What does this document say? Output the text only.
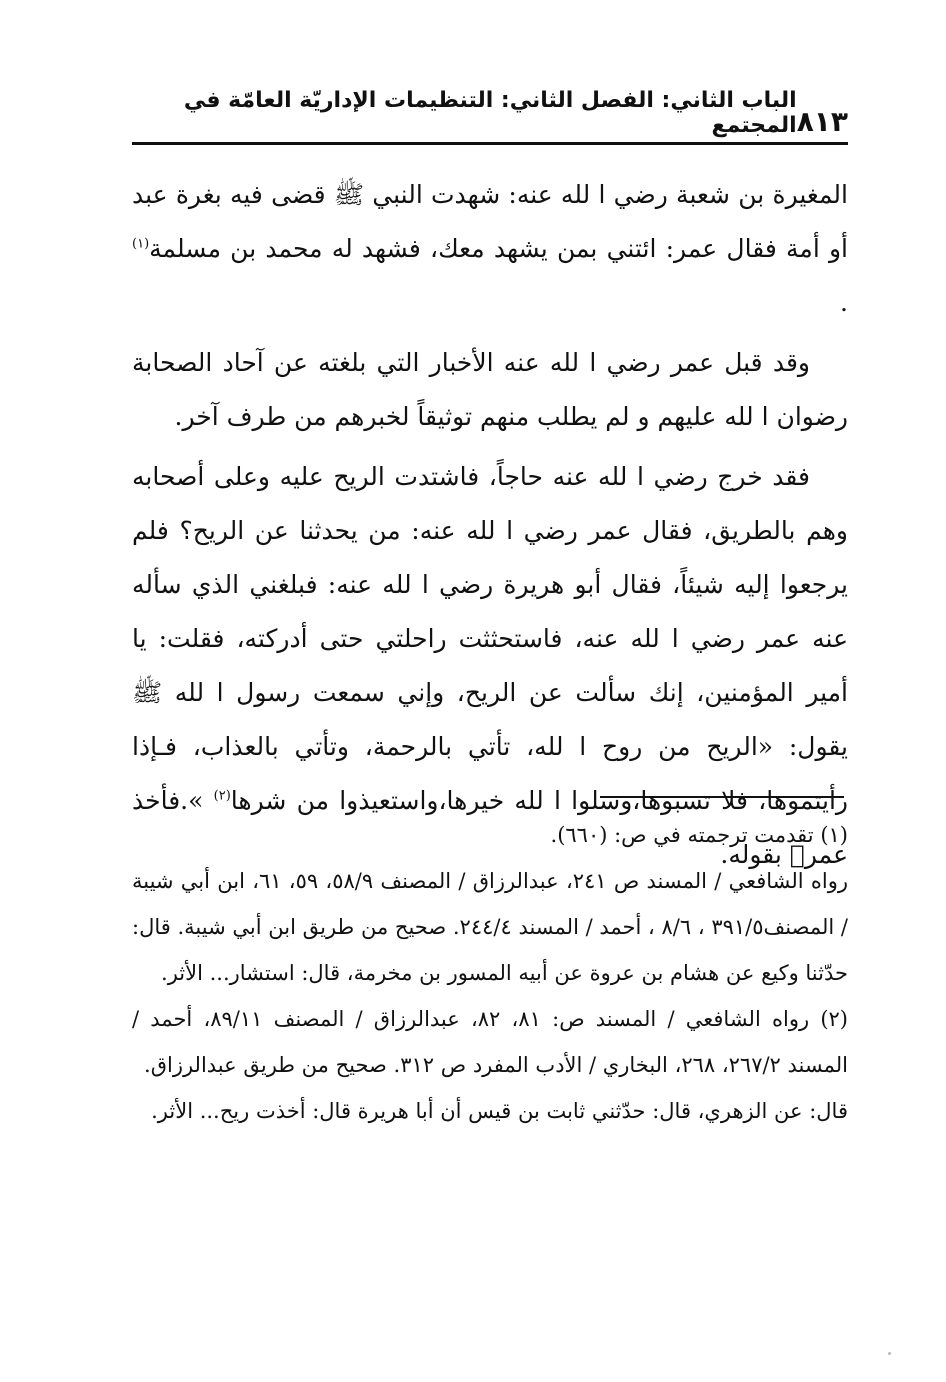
٨١٣
الباب الثاني: الفصل الثاني: التنظيمات الإداريّة العامّة في المجتمع

المغيرة بن شعبة رضي ا لله عنه: شهدت النبي ﷺ قضى فيه بغرة عبد أو أمة فقال عمر: ائتني بمن يشهد معك، فشهد له محمد بن مسلمة$^{(١)}$ .

وقد قبل عمر رضي ا لله عنه الأخبار التي بلغته عن آحاد الصحابة رضوان ا لله عليهم و لم يطلب منهم توثيقاً لخبرهم من طرف آخر.

فقد خرج رضي ا لله عنه حاجاً، فاشتدت الريح عليه وعلى أصحابه وهم بالطريق، فقال عمر رضي ا لله عنه: من يحدثنا عن الريح؟ فلم يرجعوا إليه شيئاً، فقال أبو هريرة رضي ا لله عنه: فبلغني الذي سأله عنه عمر رضي ا لله عنه، فاستحثثت راحلتي حتى أدركته، فقلت: يا أمير المؤمنين، إنك سألت عن الريح، وإني سمعت رسول ا لله ﷺ يقول: «الريح من روح ا لله، تأتي بالرحمة، وتأتي بالعذاب، فـإذا رأيتموها، فلا تسبوها،وسلوا ا لله خيرها،واستعيذوا من شرها$^{(٢)}$ ».فأخذ عمر﷛ بقوله.

(١) تقدمت ترجمته في ص: (٦٦٠).

رواه الشافعي / المسند ص ٢٤١، عبدالرزاق / المصنف ٥٨/٩، ٥٩، ٦١، ابن أبي شيبة / المصنف٣٩١/٥ ، ٨/٦ ، أحمد / المسند ٢٤٤/٤. صحيح من طريق ابن أبي شيبة. قال: حدّثنا وكيع عن هشام بن عروة عن أبيه المسور بن مخرمة، قال: استشار... الأثر.

(٢) رواه الشافعي / المسند ص: ٨١، ٨٢، عبدالرزاق / المصنف ٨٩/١١، أحمد / المسند ٢٦٧/٢، ٢٦٨، البخاري / الأدب المفرد ص ٣١٢. صحيح من طريق عبدالرزاق.

قال: عن الزهري، قال: حدّثني ثابت بن قيس أن أبا هريرة قال: أخذت ريح... الأثر.
